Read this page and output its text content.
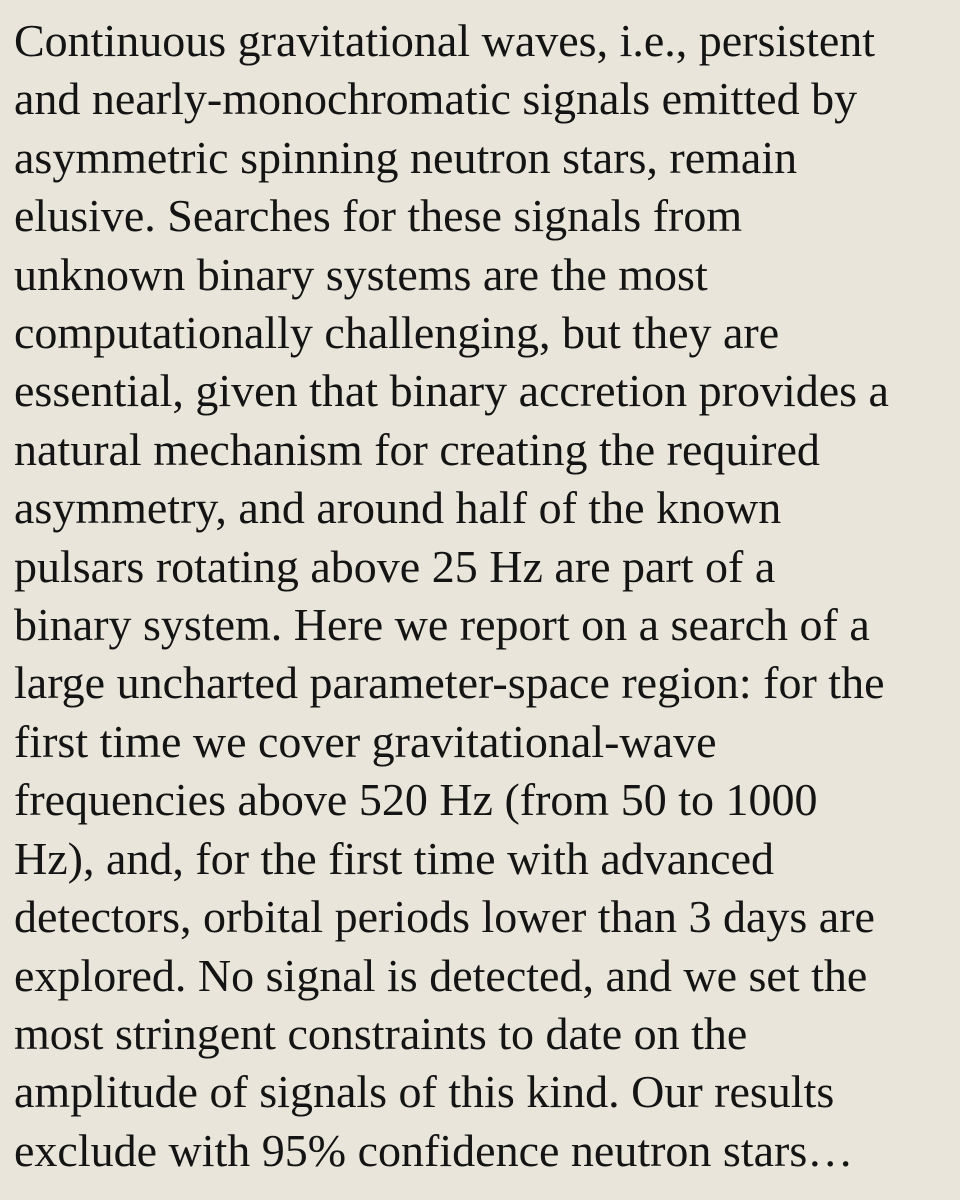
Continuous gravitational waves, i.e., persistent
and nearly-monochromatic signals emitted by
asymmetric spinning neutron stars, remain
elusive. Searches for these signals from
unknown binary systems are the most
computationally challenging, but they are
essential, given that binary accretion provides a
natural mechanism for creating the required
asymmetry, and around half of the known
pulsars rotating above 25 Hz are part of a
binary system. Here we report on a search of a
large uncharted parameter-space region: for the
first time we cover gravitational-wave
frequencies above 520 Hz (from 50 to 1000
Hz), and, for the first time with advanced
detectors, orbital periods lower than 3 days are
explored. No signal is detected, and we set the
most stringent constraints to date on the
amplitude of signals of this kind. Our results
exclude with 95% confidence neutron stars…
